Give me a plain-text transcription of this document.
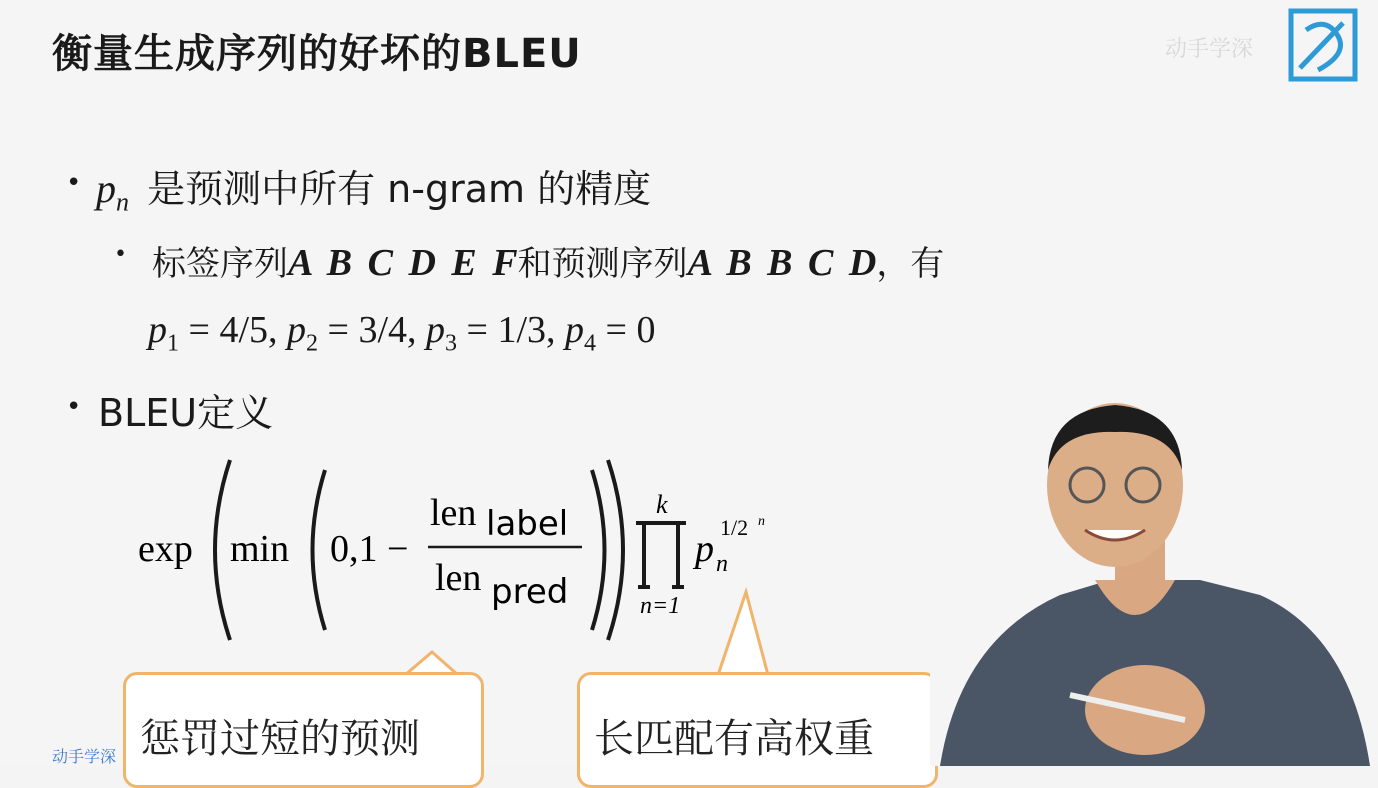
衡量生成序列的好坏的BLEU	动手学深
• $p_n$ 是预测中所有 n-gram 的精度
• 标签序列A B C D E F和预测序列A B B C D，有
$p_1 = 4/5$, $p_2 = 3/4$, $p_3 = 1/3$, $p_4 = 0$
• BLEU定义
exp min 0,1 −
len label
len pred
k
n=1
p n
1/2 n
惩罚过短的预测	长匹配有高权重
动手学深
